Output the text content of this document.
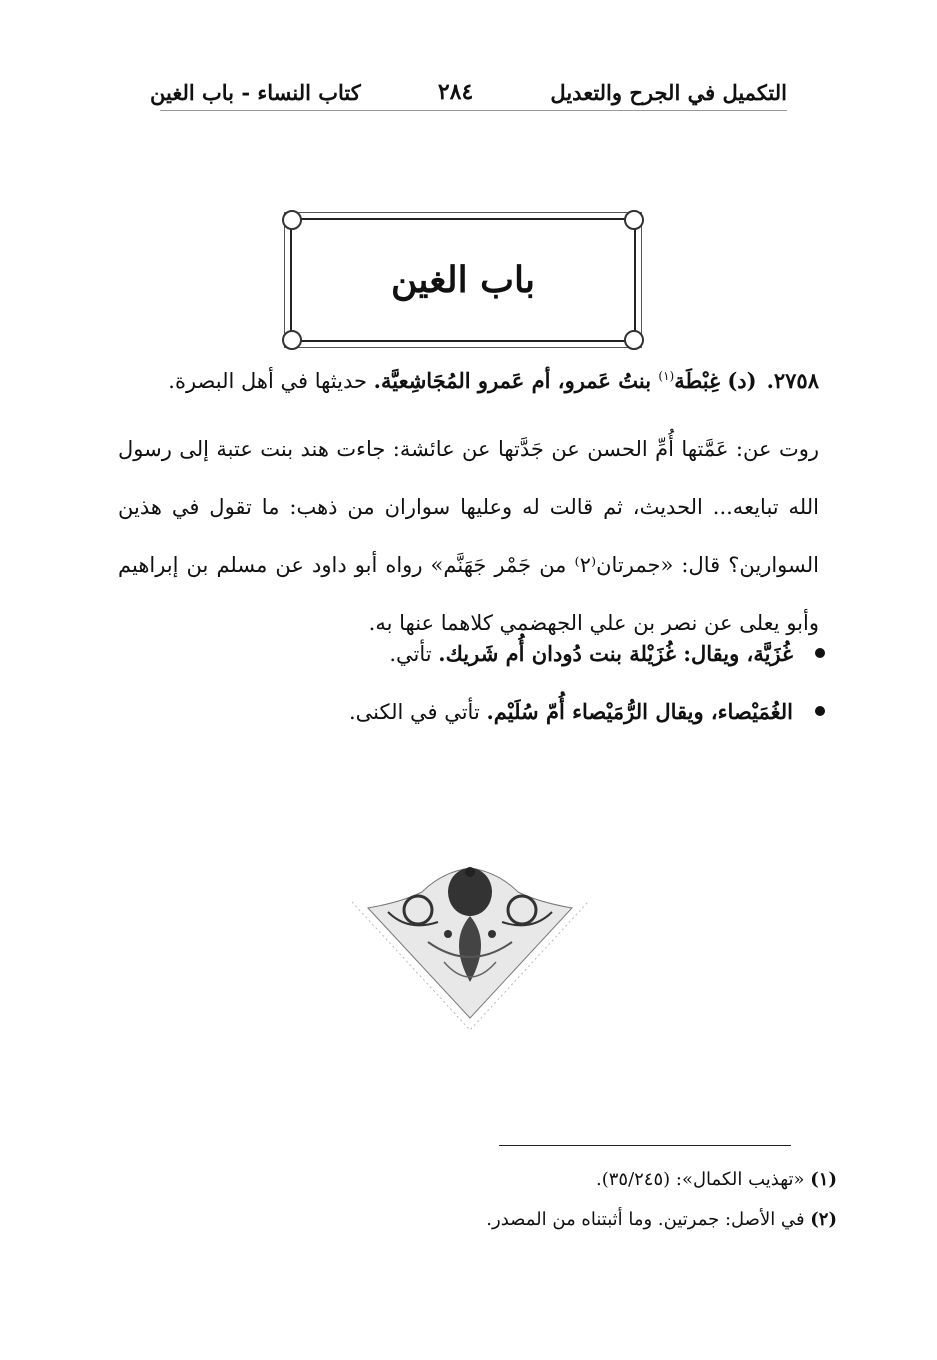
التكميل في الجرح والتعديل
٢٨٤
كتاب النساء - باب الغين
باب الغين
٢٧٥٨.(د) غِبْطَة$^{(١)}$ بنتُ عَمرو، أم عَمرو المُجَاشِعيَّة. حديثها في أهل البصرة.

روت عن: عَمَّتها أُمِّ الحسن عن جَدَّتها عن عائشة: جاءت هند بنت عتبة إلى رسول الله تبايعه... الحديث، ثم قالت له وعليها سواران من ذهب: ما تقول في هذين السوارين؟ قال: «جمرتان⁽٢⁾ من جَمْر جَهَنَّم» رواه أبو داود عن مسلم بن إبراهيم وأبو يعلى عن نصر بن علي الجهضمي كلاهما عنها به.

غُزَيَّة، ويقال: غُزَيْلة بنت دُودان أُم شَريك. تأتي.
الغُمَيْصاء، ويقال الرُّمَيْصاء أُمّ سُلَيْم. تأتي في الكنى.

(١) «تهذيب الكمال»: (٣٥/٢٤٥).

(٢) في الأصل: جمرتين. وما أثبتناه من المصدر.
